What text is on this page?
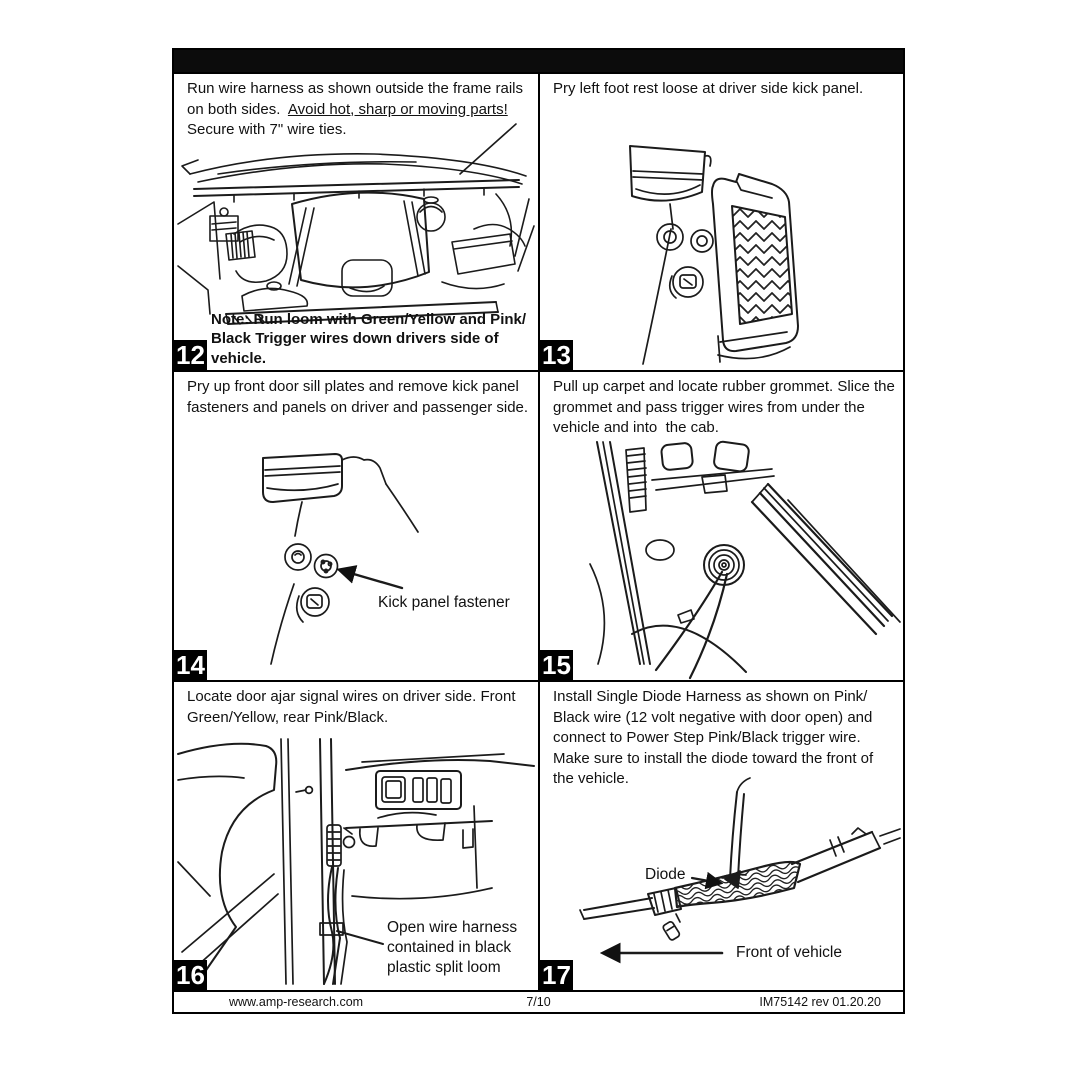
Run wire harness as shown outside the frame rails on both sides.  Avoid hot, sharp or moving parts!  Secure with 7" wire ties.
Note: Run loom with Green/Yellow and Pink/ Black Trigger wires down drivers side of vehicle.
12
Pry left foot rest loose at driver side kick panel.
13
Pry up front door sill plates and remove kick panel fasteners and panels on driver and passenger side.
Kick panel fastener
14
Pull up carpet and locate rubber grommet. Slice the grommet and pass trigger wires from under the vehicle and into  the cab.
15
Locate door ajar signal wires on driver side. Front Green/Yellow, rear Pink/Black.
Open wire harness contained in black plastic split loom
16
Install Single Diode Harness as shown on Pink/ Black wire (12 volt negative with door open) and connect to Power Step Pink/Black trigger wire. Make sure to install the diode toward the front of the vehicle.
Diode
Front of vehicle
17
www.amp-research.com	7/10	IM75142 rev 01.20.20
